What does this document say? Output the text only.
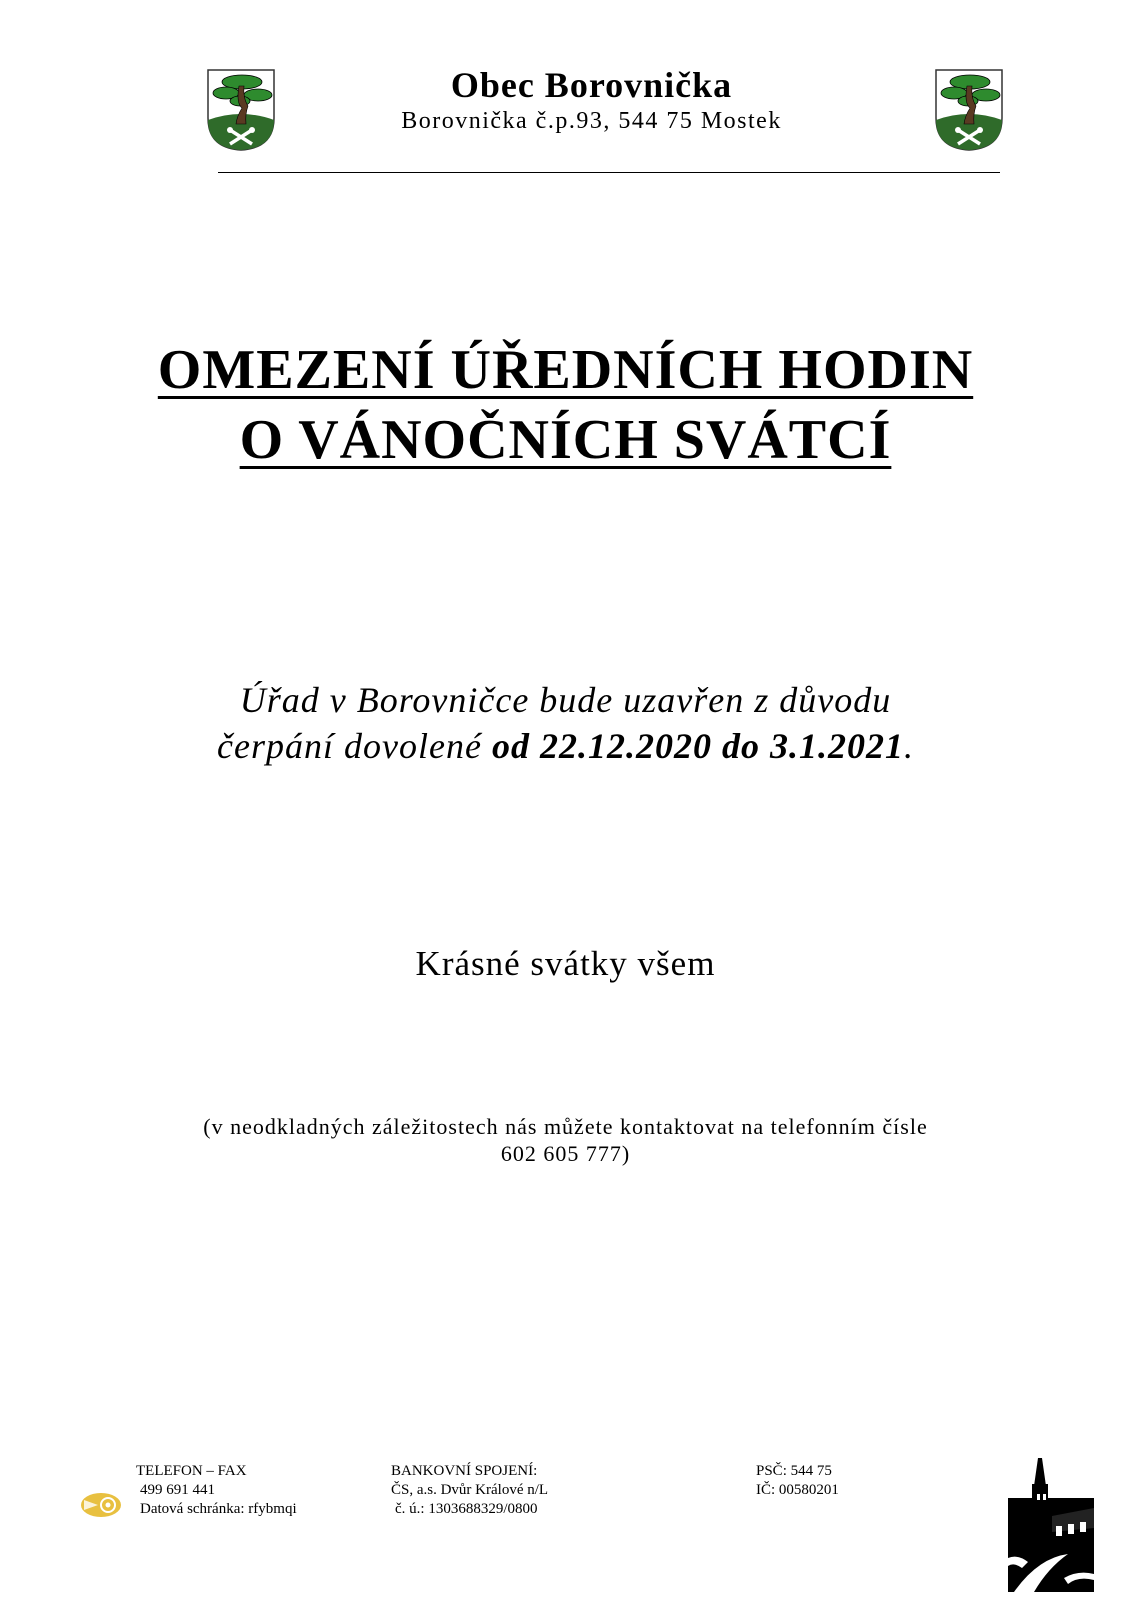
Obec Borovnička
Borovnička č.p.93, 544 75 Mostek
OMEZENÍ ÚŘEDNÍCH HODIN
O VÁNOČNÍCH SVÁTCÍ
Úřad v Borovničce bude uzavřen z důvodu
čerpání dovolené od 22.12.2020 do 3.1.2021.
Krásné svátky všem
(v neodkladných záležitostech nás můžete kontaktovat na telefonním čísle
602 605 777)
TELEFON – FAX
499 691 441
Datová schránka: rfybmqi
BANKOVNÍ SPOJENÍ:
ČS, a.s. Dvůr Králové n/L
č. ú.: 1303688329/0800
PSČ: 544 75
IČ: 00580201
